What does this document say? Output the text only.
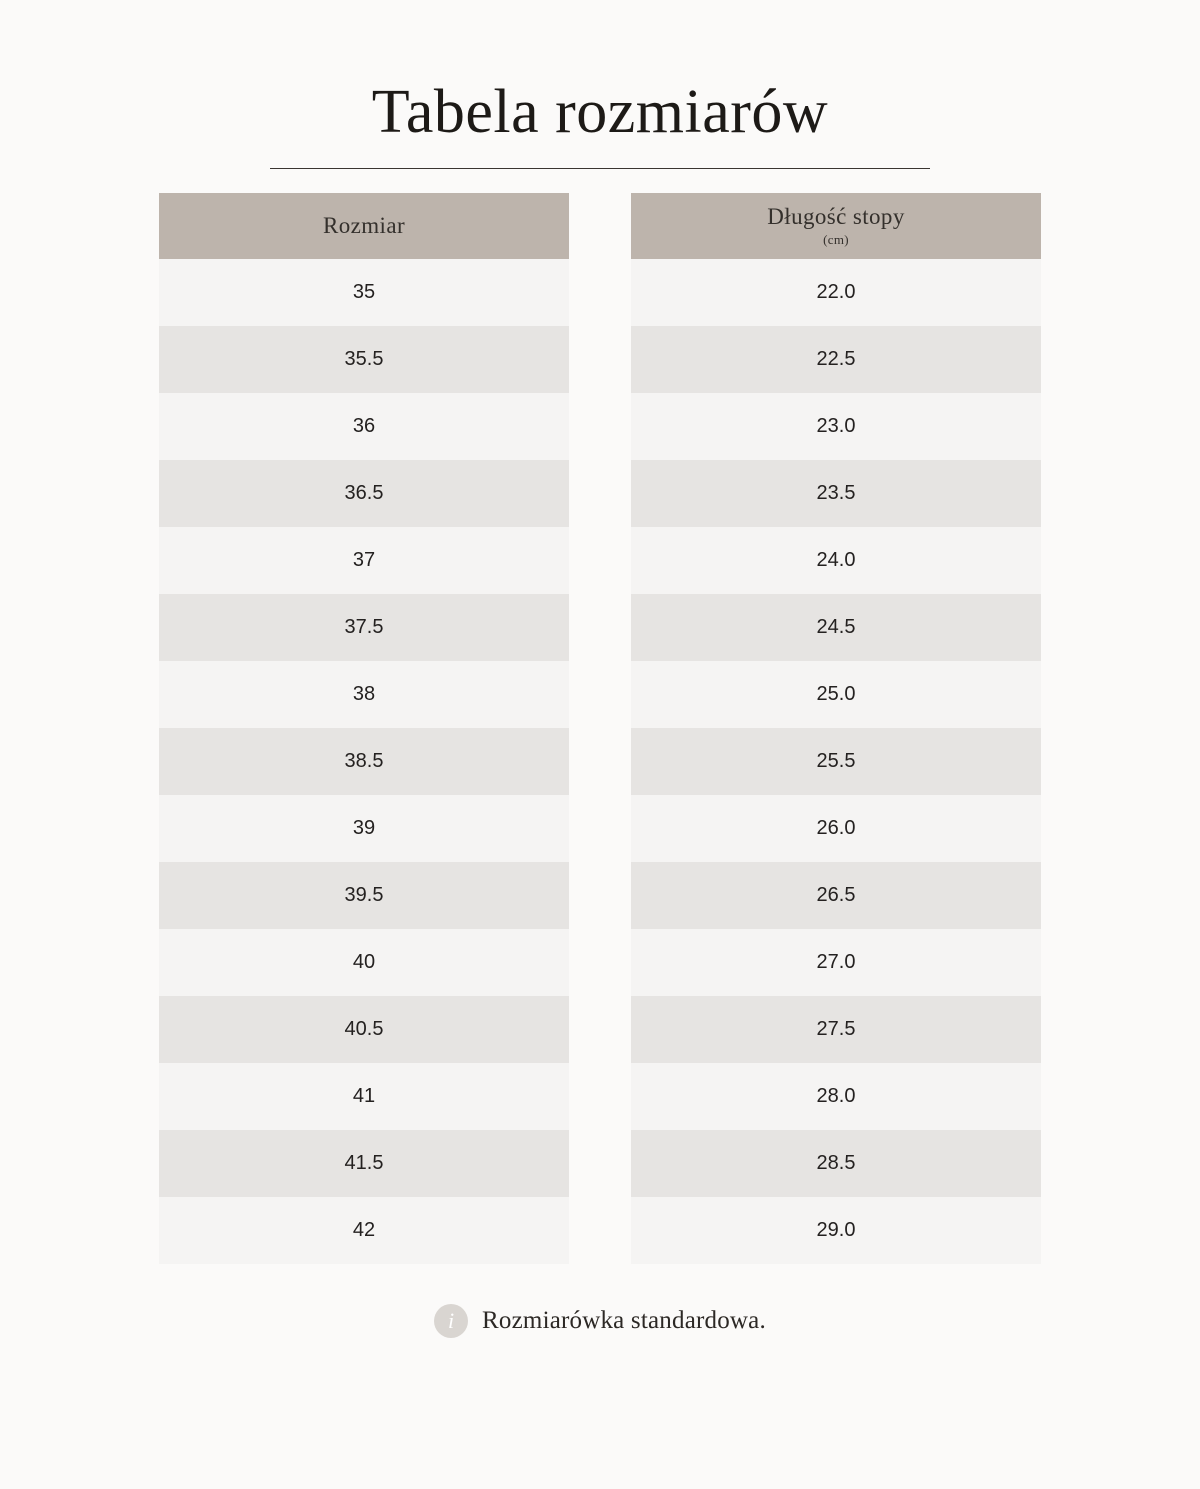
Tabela rozmiarów
Rozmiar
35
35.5
36
36.5
37
37.5
38
38.5
39
39.5
40
40.5
41
41.5
42
Długość stopy
(cm)
22.0
22.5
23.0
23.5
24.0
24.5
25.0
25.5
26.0
26.5
27.0
27.5
28.0
28.5
29.0
i	Rozmiarówka standardowa.
